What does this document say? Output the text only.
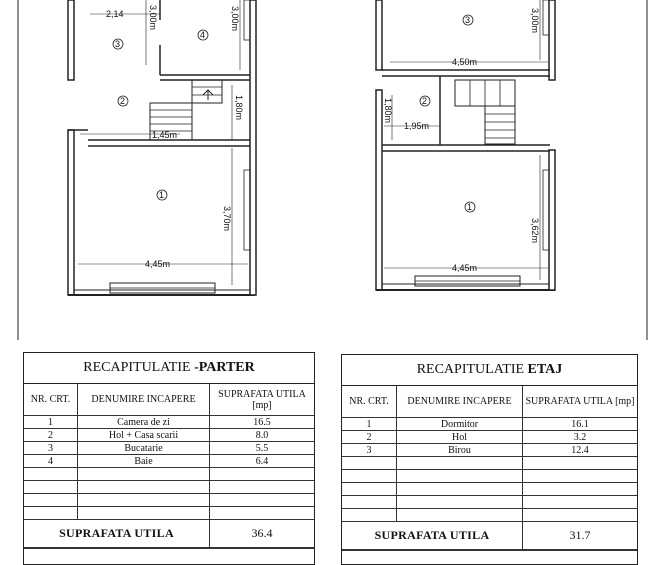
2,14	3,00m	3,00m
1,80m
1,45m
3,70m
4,45m
3
4
2
1
3,00m
4,50m
1,80m
1,95m
3,62m
4,45m
3
2
1
RECAPITULATIE -PARTER
NR. CRT.	DENUMIRE INCAPERE	SUPRAFATA UTILA [mp]
1	Camera de zi	16.5
2	Hol + Casa scarii	8.0
3	Bucatarie	5.5
4	Baie	6.4
SUPRAFATA UTILA	36.4
RECAPITULATIE ETAJ
NR. CRT.	DENUMIRE INCAPERE	SUPRAFATA UTILA [mp]
1	Dormitor	16.1
2	Hol	3.2
3	Birou	12.4
SUPRAFATA UTILA	31.7
